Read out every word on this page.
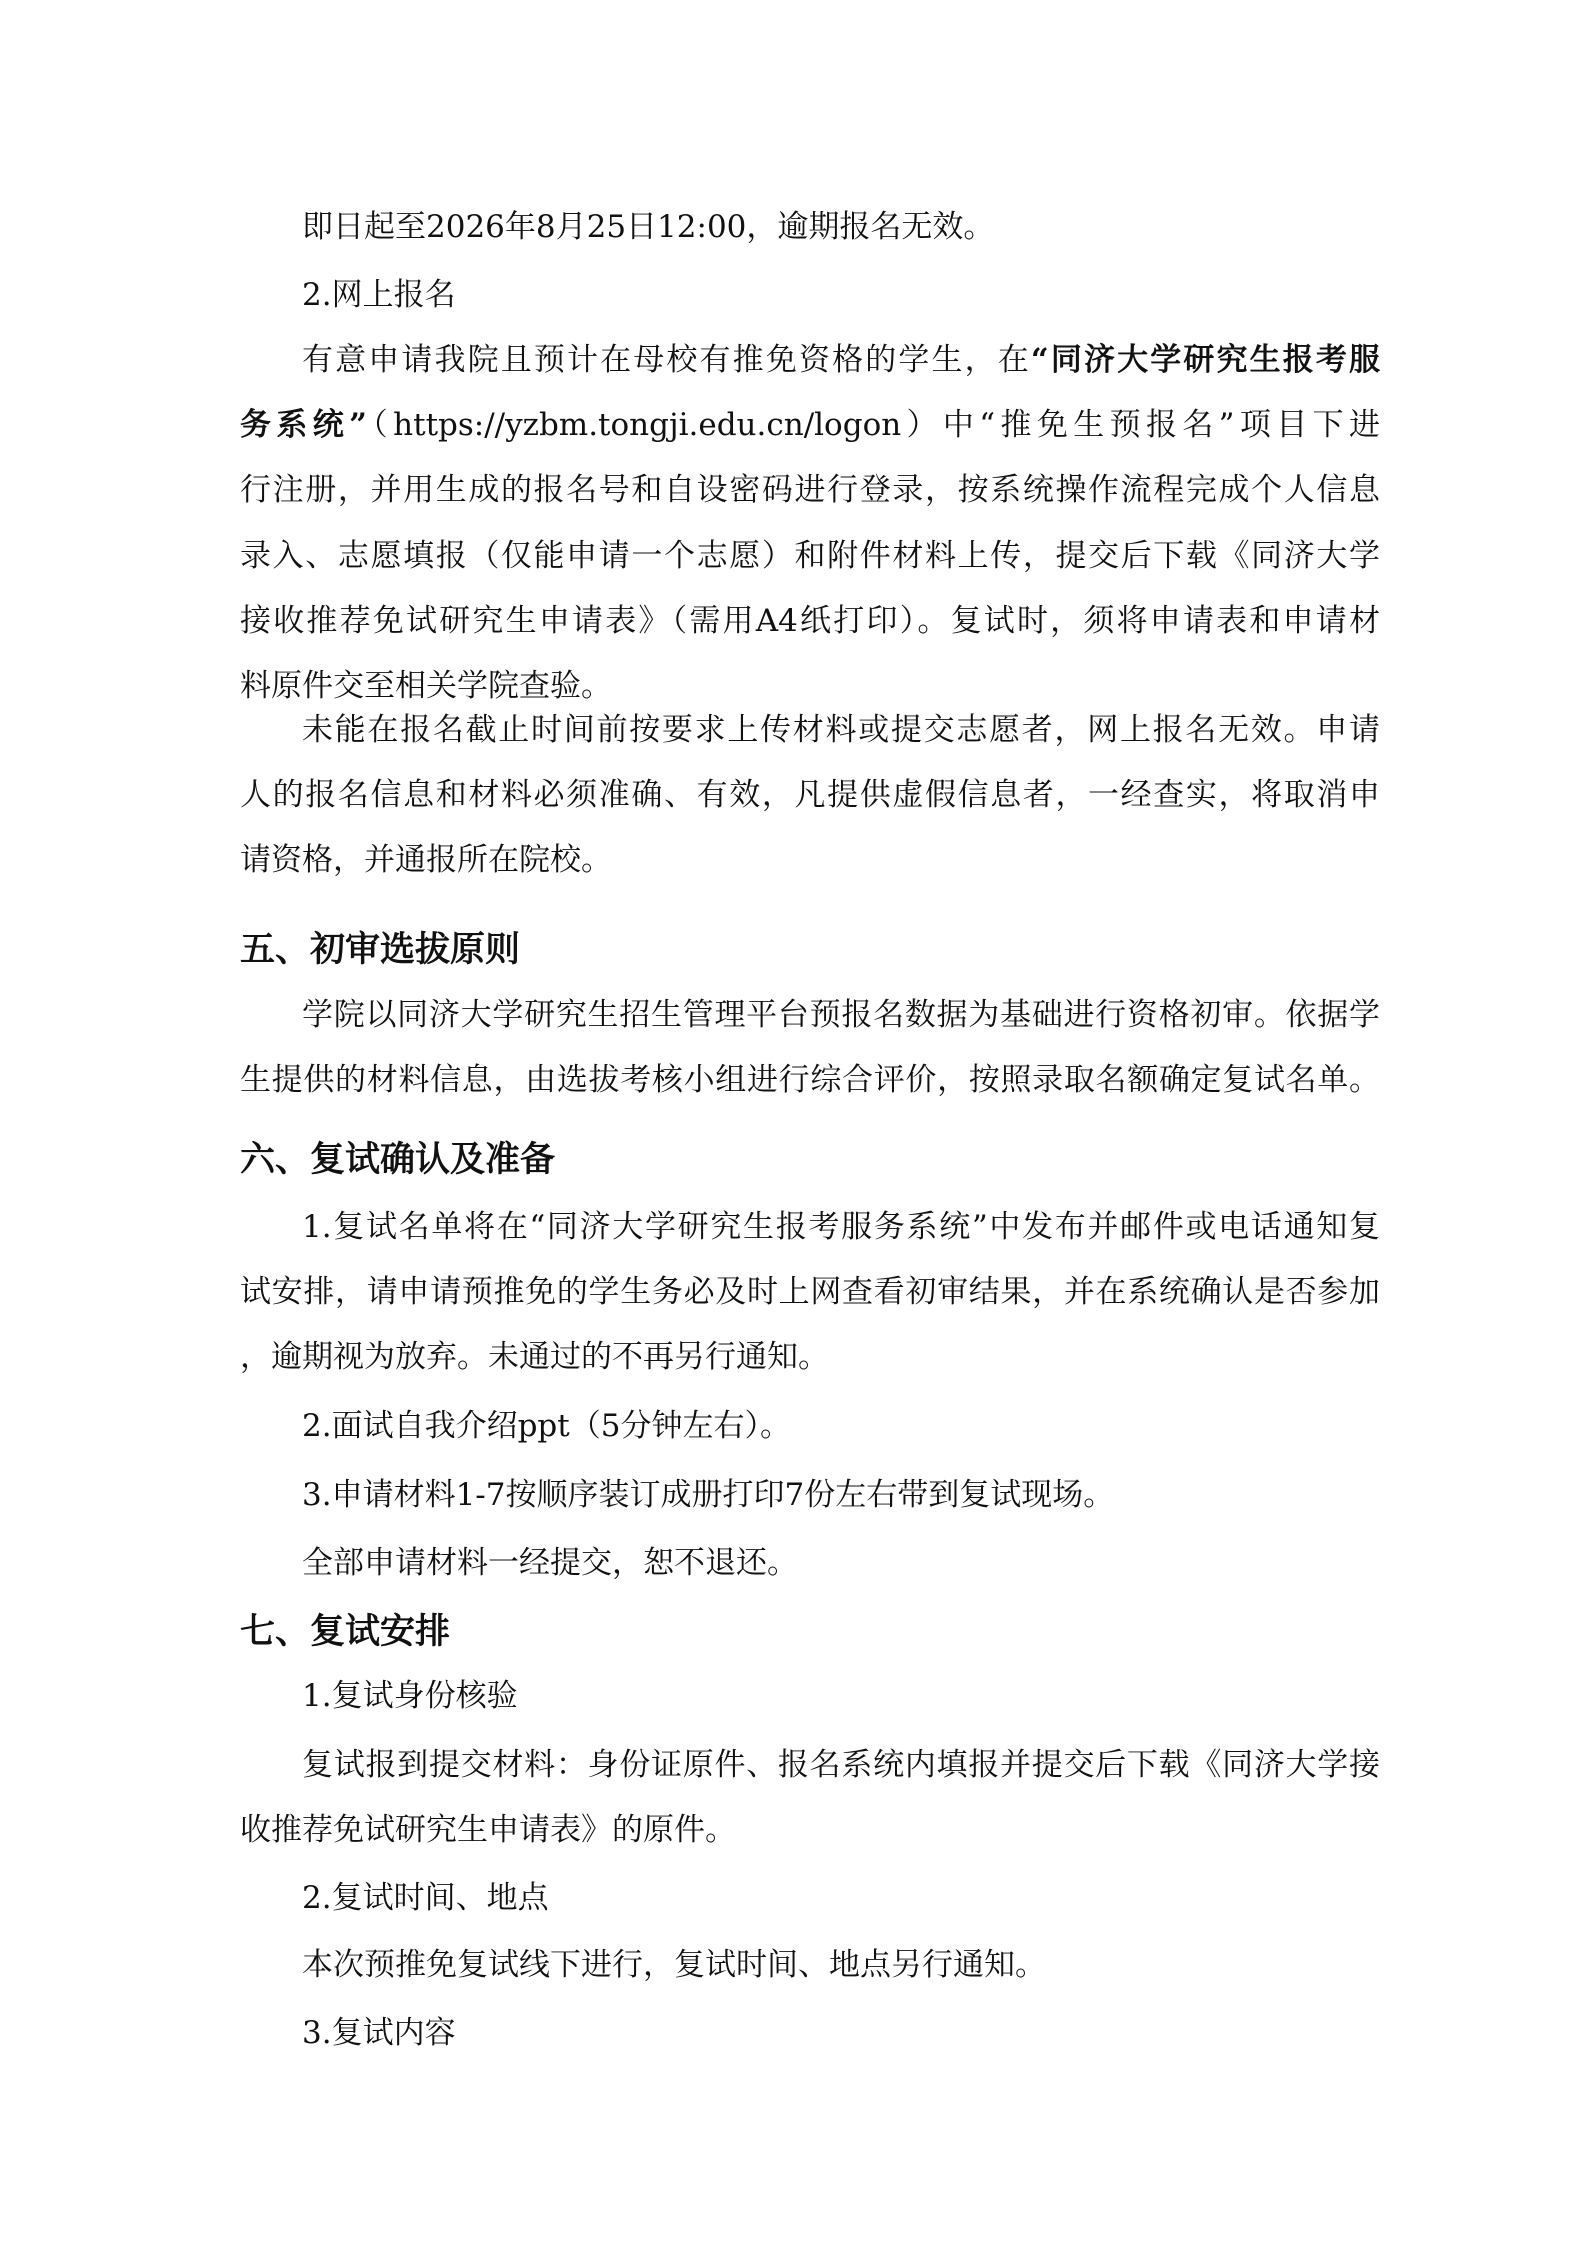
即日起至2026年8月25日12:00，逾期报名无效。

2.网上报名

有意申请我院且预计在母校有推免资格的学生，在“同济大学研究生报考服

务系统”（https://yzbm.tongji.edu.cn/logon）中“推免生预报名”项目下进

行注册，并用生成的报名号和自设密码进行登录，按系统操作流程完成个人信息

录入、志愿填报（仅能申请一个志愿）和附件材料上传，提交后下载《同济大学

接收推荐免试研究生申请表》（需用A4纸打印）。复试时，须将申请表和申请材

料原件交至相关学院查验。

未能在报名截止时间前按要求上传材料或提交志愿者，网上报名无效。申请

人的报名信息和材料必须准确、有效，凡提供虚假信息者，一经查实，将取消申

请资格，并通报所在院校。

五、初审选拔原则

学院以同济大学研究生招生管理平台预报名数据为基础进行资格初审。依据学

生提供的材料信息，由选拔考核小组进行综合评价，按照录取名额确定复试名单。

六、复试确认及准备

1.复试名单将在“同济大学研究生报考服务系统”中发布并邮件或电话通知复

试安排，请申请预推免的学生务必及时上网查看初审结果，并在系统确认是否参加

，逾期视为放弃。未通过的不再另行通知。

2.面试自我介绍ppt（5分钟左右）。

3.申请材料1-7按顺序装订成册打印7份左右带到复试现场。

全部申请材料一经提交，恕不退还。

七、复试安排

1.复试身份核验

复试报到提交材料：身份证原件、报名系统内填报并提交后下载《同济大学接

收推荐免试研究生申请表》的原件。

2.复试时间、地点

本次预推免复试线下进行，复试时间、地点另行通知。

3.复试内容
